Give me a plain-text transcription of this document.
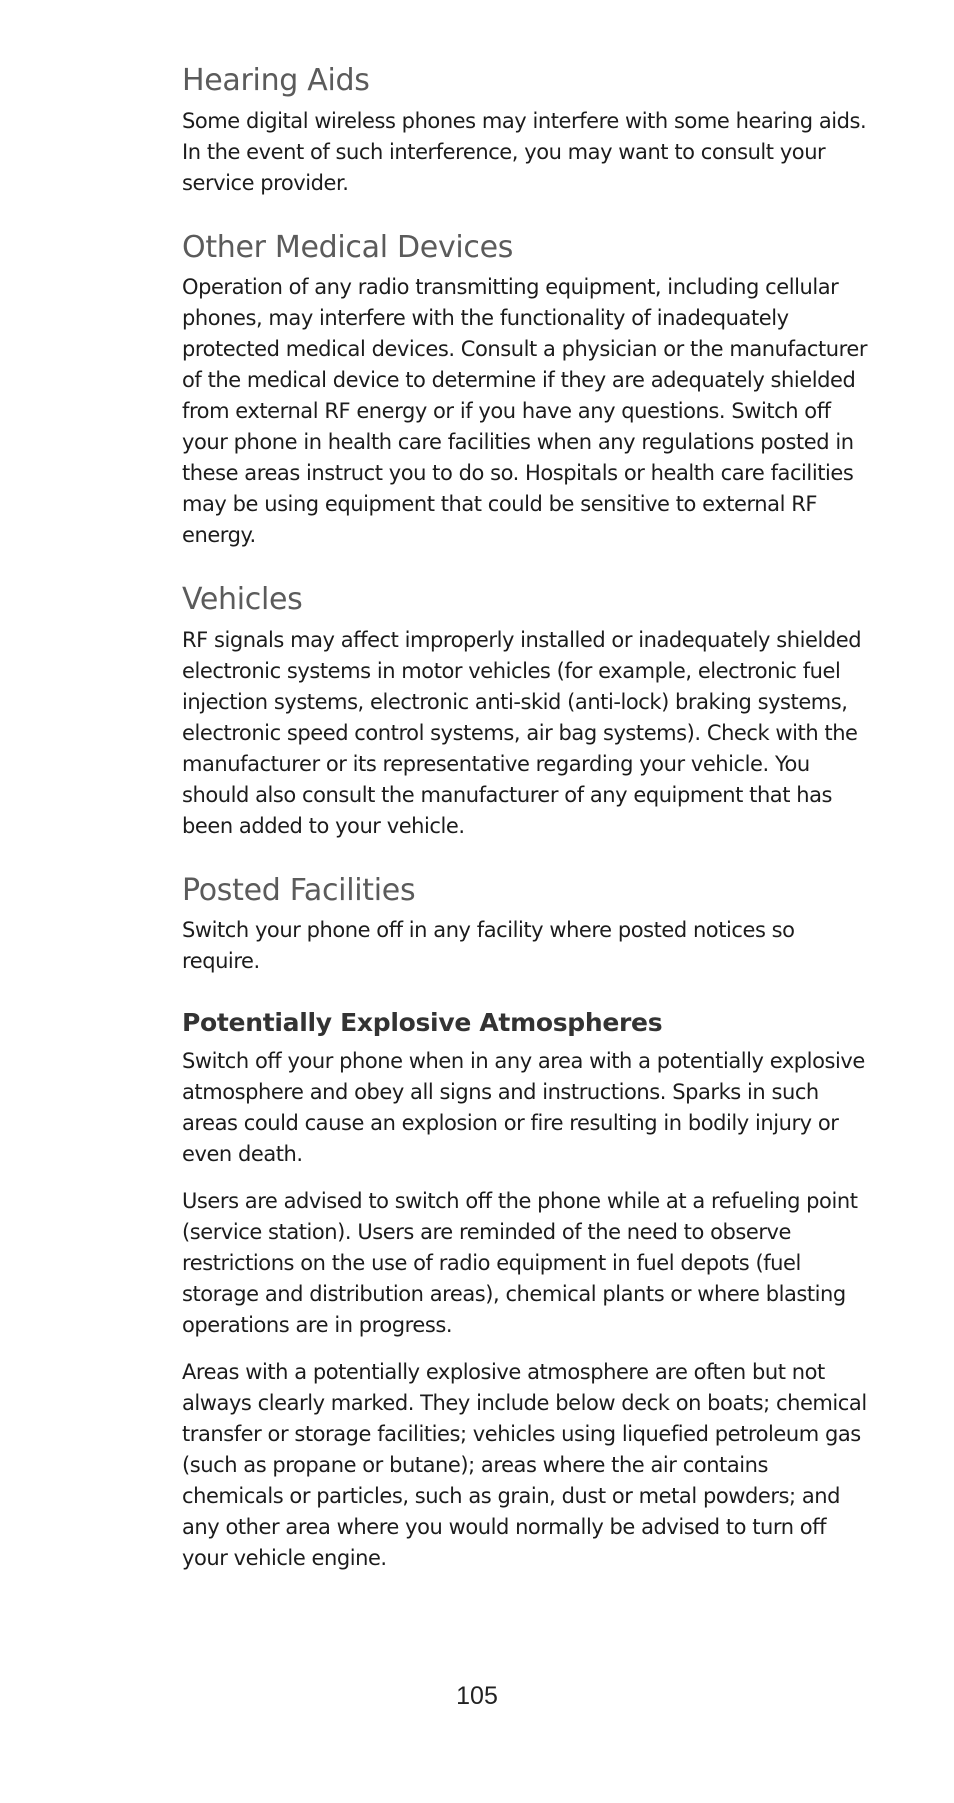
Hearing Aids

Some digital wireless phones may interfere with some hearing aids. In the event of such interference, you may want to consult your service provider.

Other Medical Devices

Operation of any radio transmitting equipment, including cellular phones, may interfere with the functionality of inadequately protected medical devices. Consult a physician or the manufacturer of the medical device to determine if they are adequately shielded from external RF energy or if you have any questions. Switch off your phone in health care facilities when any regulations posted in these areas instruct you to do so. Hospitals or health care facilities may be using equipment that could be sensitive to external RF energy.

Vehicles

RF signals may affect improperly installed or inadequately shielded electronic systems in motor vehicles (for example, electronic fuel injection systems, electronic anti-skid (anti-lock) braking systems, electronic speed control systems, air bag systems). Check with the manufacturer or its representative regarding your vehicle. You should also consult the manufacturer of any equipment that has been added to your vehicle.

Posted Facilities

Switch your phone off in any facility where posted notices so require.

Potentially Explosive Atmospheres

Switch off your phone when in any area with a potentially explosive atmosphere and obey all signs and instructions. Sparks in such areas could cause an explosion or fire resulting in bodily injury or even death.

Users are advised to switch off the phone while at a refueling point (service station). Users are reminded of the need to observe restrictions on the use of radio equipment in fuel depots (fuel storage and distribution areas), chemical plants or where blasting operations are in progress.

Areas with a potentially explosive atmosphere are often but not always clearly marked. They include below deck on boats; chemical transfer or storage facilities; vehicles using liquefied petroleum gas (such as propane or butane); areas where the air contains chemicals or particles, such as grain, dust or metal powders; and any other area where you would normally be advised to turn off your vehicle engine.

105
